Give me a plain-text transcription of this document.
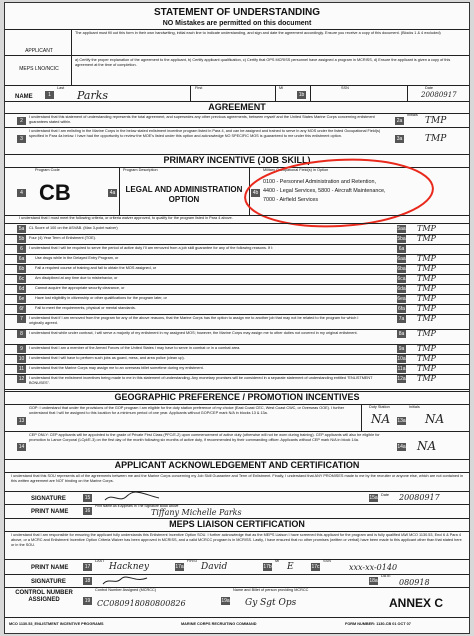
STATEMENT OF UNDERSTANDING
NO Mistakes are permitted on this document
APPLICANT
The applicant must fill out this form in their own handwriting, initial each line to indicate understanding, and sign and date the agreement accordingly. Ensure you receive a copy of this document. (Blocks 1 & 4 excluded)
MEPS LNO/NCIC
a) Certify the proper explanation of the agreement to the applicant, b) Certify applicant qualification, c) Certify that OPS MCRISS personnel have assigned a program in MCRISS, d) Ensure the applicant is given a copy of this agreement at the time of completion.
NAME	1
Last
Parks
First	MI
1b
SSN	Date
20080917
AGREEMENT
2
I understand that this statement of understanding represents the total agreement, and supersedes any other previous agreements, between myself and the United States Marine Corps concerning enlistment guarantees stated within.	2a
Initials
TMP
3
I understand that I am enlisting in the Marine Corps in the below stated enlistment incentive program listed in Para 4, and can be assigned and trained to serve in any MOS under the listed Occupational Field(s) specified in Para 4a below. I have had the opportunity to review the MOE's listed under this option and acknowledge NO SPECIFIC MOS is guaranteed to me under this enlistment option.
3a	TMP
PRIMARY INCENTIVE (JOB SKILL)
Program Code
4 CB	4a
Program Description
LEGAL AND ADMINISTRATION OPTION
4b
Military Occupational Field(s) in Option
0100 - Personnel Administration and Retention,
4400 - Legal Services, 5800 - Aircraft Maintenance,
7000 - Airfield Services
I understand that I must meet the following criteria, or criteria waiver approved, to qualify for the program listed in Para 4 above.
5a	CL Score of 100 on the ASVAB. (Max 3-point waiver)	5aa TMP
5b	Four (4) Year Term of Enlistment (TOE).	5ba TMP
6	I understand that I will be required to serve the period of active duty I'll am removed from a job skill guarantee for any of the following reasons. If I:	6a
6a	Use drugs while in the Delayed Entry Program, or	6aa TMP
6b	Fail a required course of training and fail to obtain the MOS assigned, or	6ba TMP
6c	Am disciplined at any time due to misbehavior, or	6ca TMP
6d	Cannot acquire the appropriate security clearance, or	6da TMP
6e	Have lost eligibility in citizenship or other qualifications for the program later, or	6ea TMP
6f	Fail to meet the requirements, physical or mental standards.	6fa TMP
7	I understand that if I am removed from the program for any of the above reasons, that the Marine Corps has the option to assign me to another job that may not be related to the program for which I originally agreed.
7a TMP
8	I understand that while under contract, I will serve a majority of my enlistment in my assigned MOS; however, the Marine Corps may assign me to other duties not covered in my original enlistment.	8a TMP
9	I understand that I am a member of the Armed Forces of the United States I may have to serve in combat or in a combat area.	9a TMP
10	I understand that I will have to perform such jobs as guard, mess, and area police (clean up).	10a TMP
11	I understand that the Marine Corps may assign me to an overseas billet sometime during my enlistment.	11a TMP
12	I understand that the enlistment incentives being made to me in this statement of understanding. Any monetary promises will be considered in a separate statement of understanding entitled "ENLISTMENT BONUSES".
12a TMP
GEOGRAPHIC PREFERENCE / PROMOTION INCENTIVES
13
GOP: I understand that under the provisions of the GOP program I am eligible for the duty station preference of my choice (East Coast CEC, West Coast CWC, or Overseas OOE). I further understand that I will be assigned to this location for a minimum period of one year. Applicants without GOP/CEP mark N/A in blocks 13 & 13a.
Duty Station
NA 13a
Initials
NA
14
CEP ONLY: CEP applicants will be appointed to the grade of Private First Class (PFC/E-2) upon commencement of active duty (otherwise will not be worn during training). CEP applicants will also be eligible for promotion to Lance Corporal (LCpl/E-3) on the first day of the month following six months of active duty, if recommended by their commanding officer. Applicants without CEP mark N/A in block 14a.
14a NA
APPLICANT ACKNOWLEDGEMENT AND CERTIFICATION
I understand that this SOU represents all of the agreements between me and the Marine Corps concerning my Job Skill Guarantee and Term of Enlistment. Finally, I understand that ANY PROMISES made to me by the recruiter or anyone else, which are not contained in this written agreement are NOT binding on the Marine Corps.
SIGNATURE	15	15a Date 20080917
PRINT NAME	16
Print Name As It Appears In The Signature Block Above
Tiffany Michelle Parks
MEPS LIAISON CERTIFICATION
I understand that I am responsible for ensuring the applicant fully understands this Enlistment Incentive Option SOU. I further acknowledge that as the MEPS Liaison I have screened this applicant for the program and is fully qualified IAW MCO 1130.53, Encl 6 & Para 4 above, or a MCRC and Enlistment Incentive Option Criteria Waiver has been approved in MCRISS, and a valid MCRCC program is in MCRISS. Lastly, I have ensured that no other promises (written or verbal) have been made to this applicant other than that stated here or in the SOU.
PRINT NAME	17
LAST
Hackney	17a
FIRST
David	17b
MI
E	17c
SSN
xxx-xx-0140
SIGNATURE	18	18a
DATE
080918
CONTROL NUMBER ASSIGNED	19
Control Number Assigned (MCRCC)
CC080918080800826	19a
Name and Billet of person providing MCRCC
Gy Sgt Ops	ANNEX C
MCO 1130.53_ENLISTMENT INCENTIVE PROGRAMS	MARINE CORPS RECRUITING COMMAND	FORM NUMBER: 1130-CB 01 OCT 07
